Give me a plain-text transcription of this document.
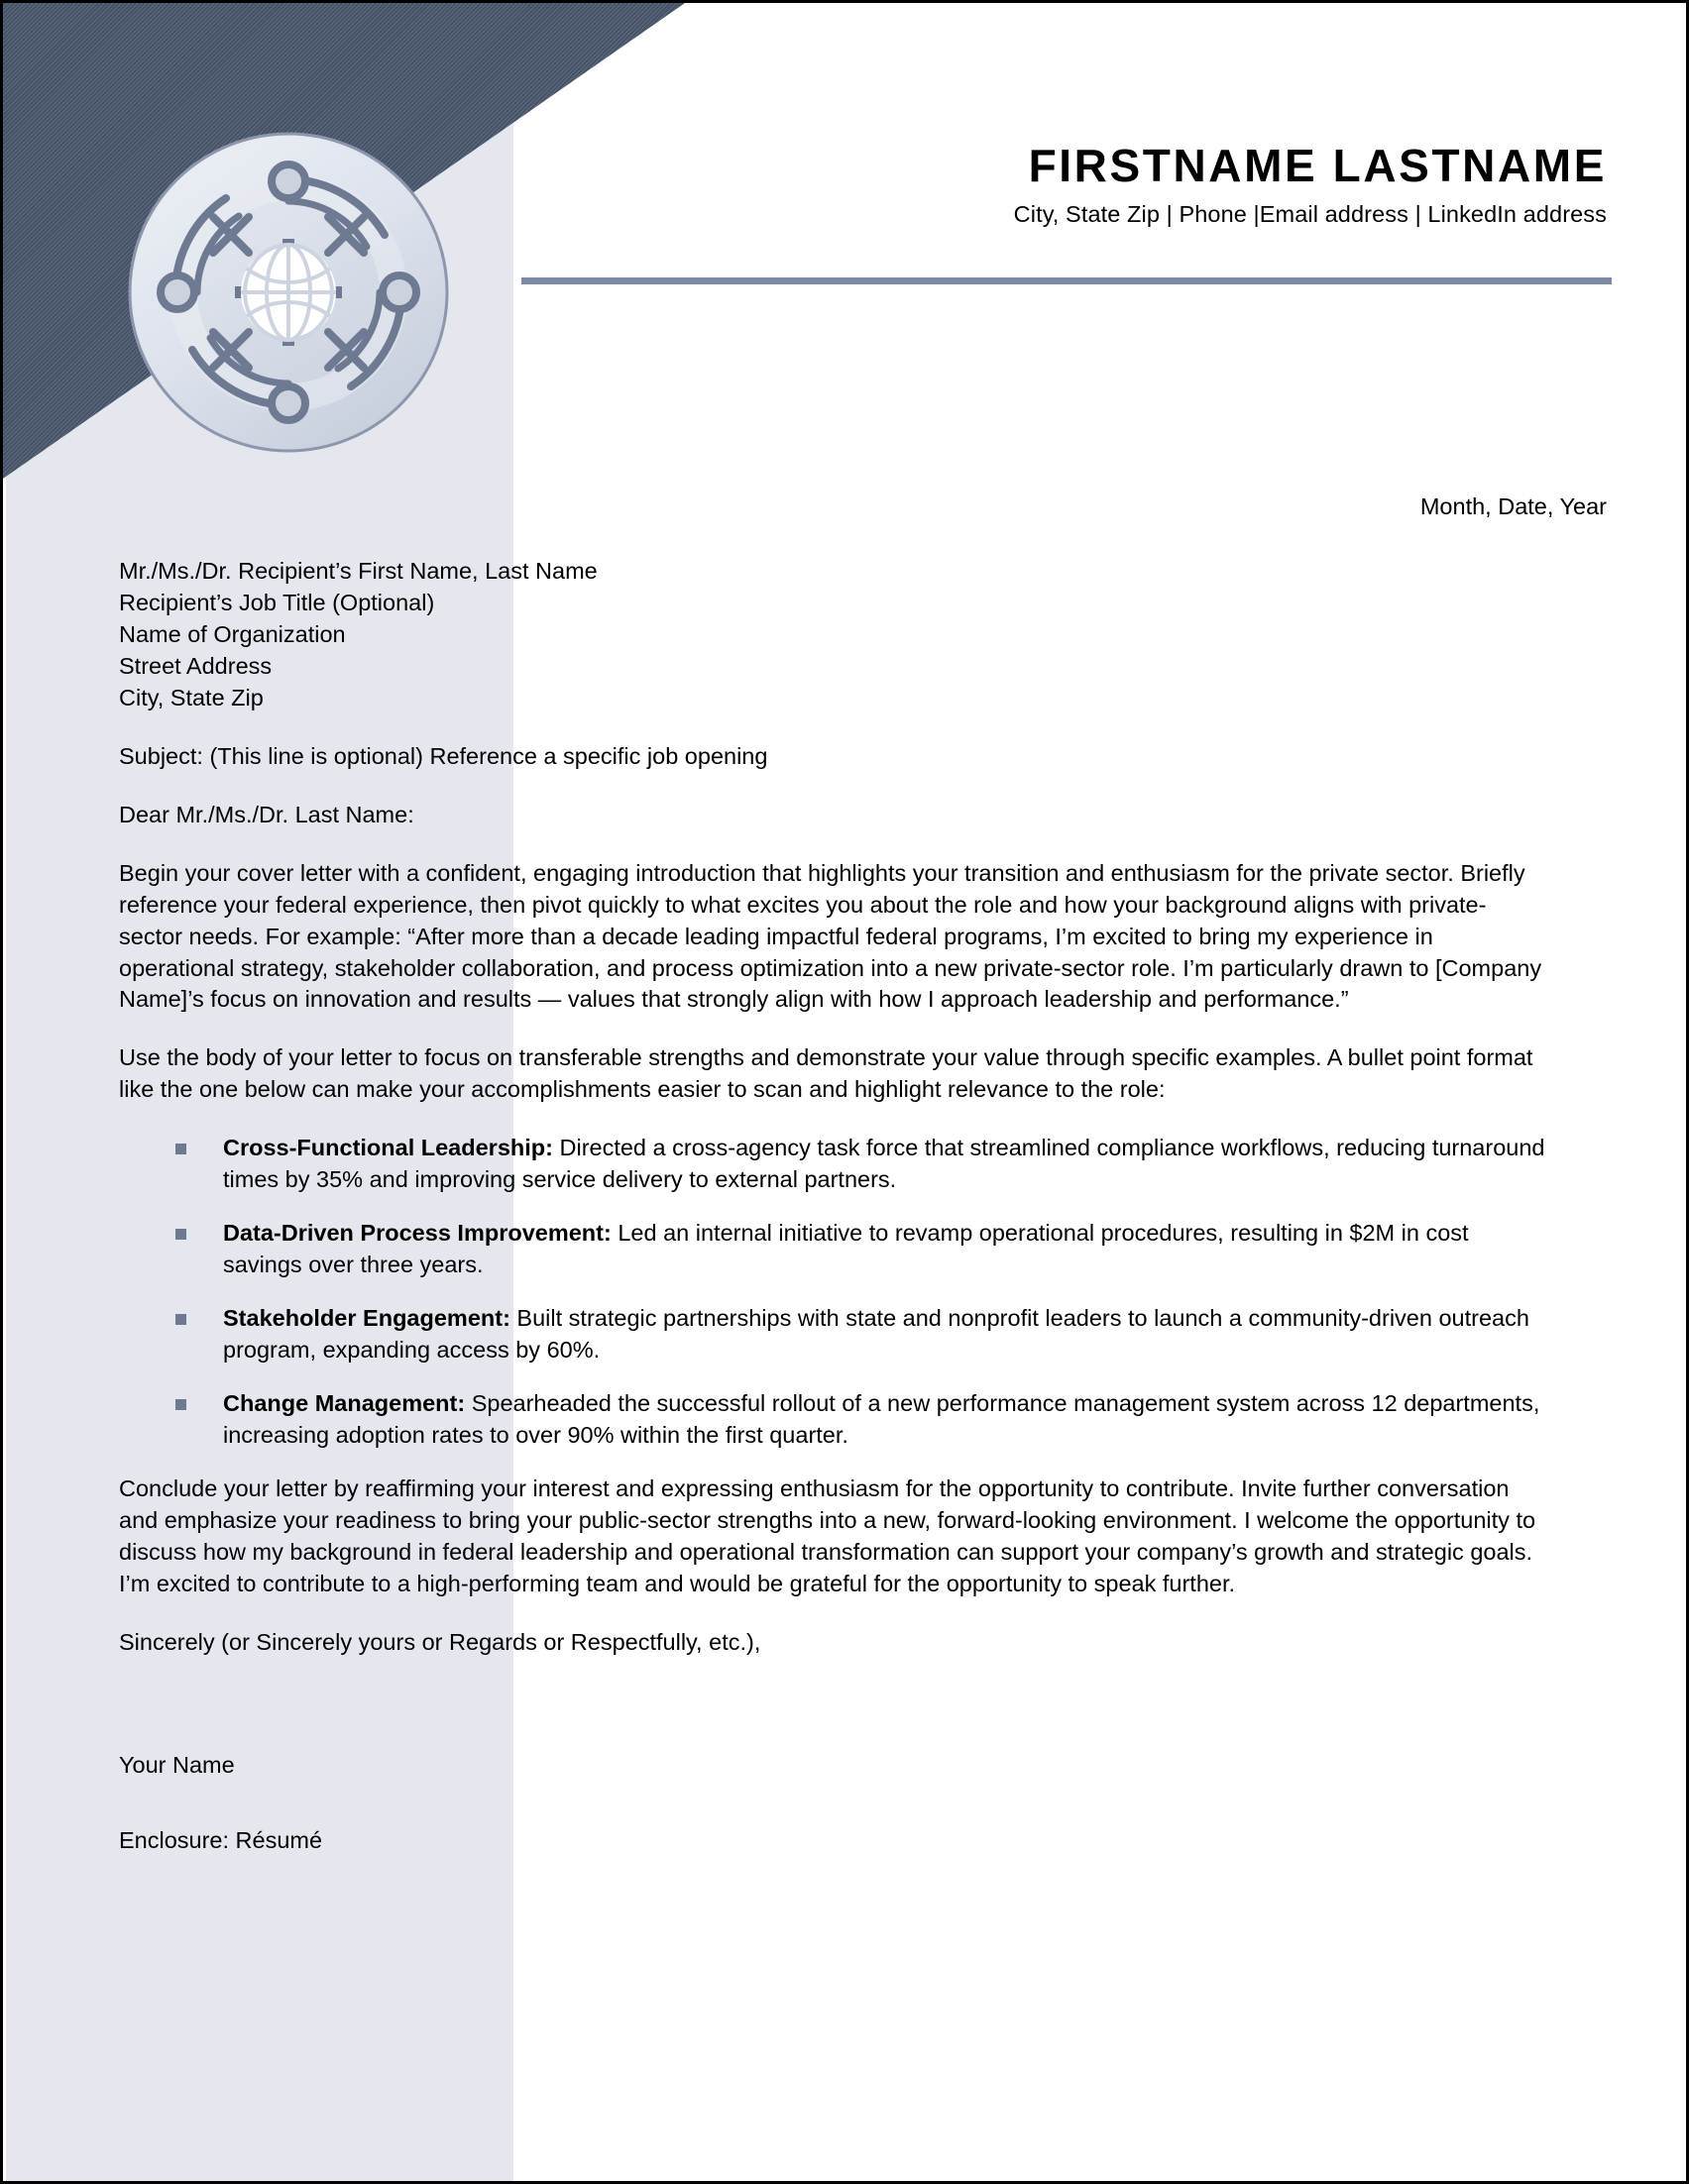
FIRSTNAME LASTNAME
City, State Zip | Phone |Email address | LinkedIn address
Month, Date, Year
Mr./Ms./Dr. Recipient’s First Name, Last Name
Recipient’s Job Title (Optional)
Name of Organization
Street Address
City, State Zip
Subject: (This line is optional) Reference a specific job opening
Dear Mr./Ms./Dr. Last Name:
Begin your cover letter with a confident, engaging introduction that highlights your transition and enthusiasm for the private sector. Briefly reference your federal experience, then pivot quickly to what excites you about the role and how your background aligns with private-sector needs. For example: “After more than a decade leading impactful federal programs, I’m excited to bring my experience in operational strategy, stakeholder collaboration, and process optimization into a new private-sector role. I’m particularly drawn to [Company Name]’s focus on innovation and results — values that strongly align with how I approach leadership and performance.”
Use the body of your letter to focus on transferable strengths and demonstrate your value through specific examples. A bullet point format like the one below can make your accomplishments easier to scan and highlight relevance to the role:
Cross-Functional Leadership: Directed a cross-agency task force that streamlined compliance workflows, reducing turnaround times by 35% and improving service delivery to external partners.
Data-Driven Process Improvement: Led an internal initiative to revamp operational procedures, resulting in $2M in cost savings over three years.
Stakeholder Engagement: Built strategic partnerships with state and nonprofit leaders to launch a community-driven outreach program, expanding access by 60%.
Change Management: Spearheaded the successful rollout of a new performance management system across 12 departments, increasing adoption rates to over 90% within the first quarter.
Conclude your letter by reaffirming your interest and expressing enthusiasm for the opportunity to contribute. Invite further conversation and emphasize your readiness to bring your public-sector strengths into a new, forward-looking environment. I welcome the opportunity to discuss how my background in federal leadership and operational transformation can support your company’s growth and strategic goals. I’m excited to contribute to a high-performing team and would be grateful for the opportunity to speak further.
Sincerely (or Sincerely yours or Regards or Respectfully, etc.),
Your Name
Enclosure: Résumé
